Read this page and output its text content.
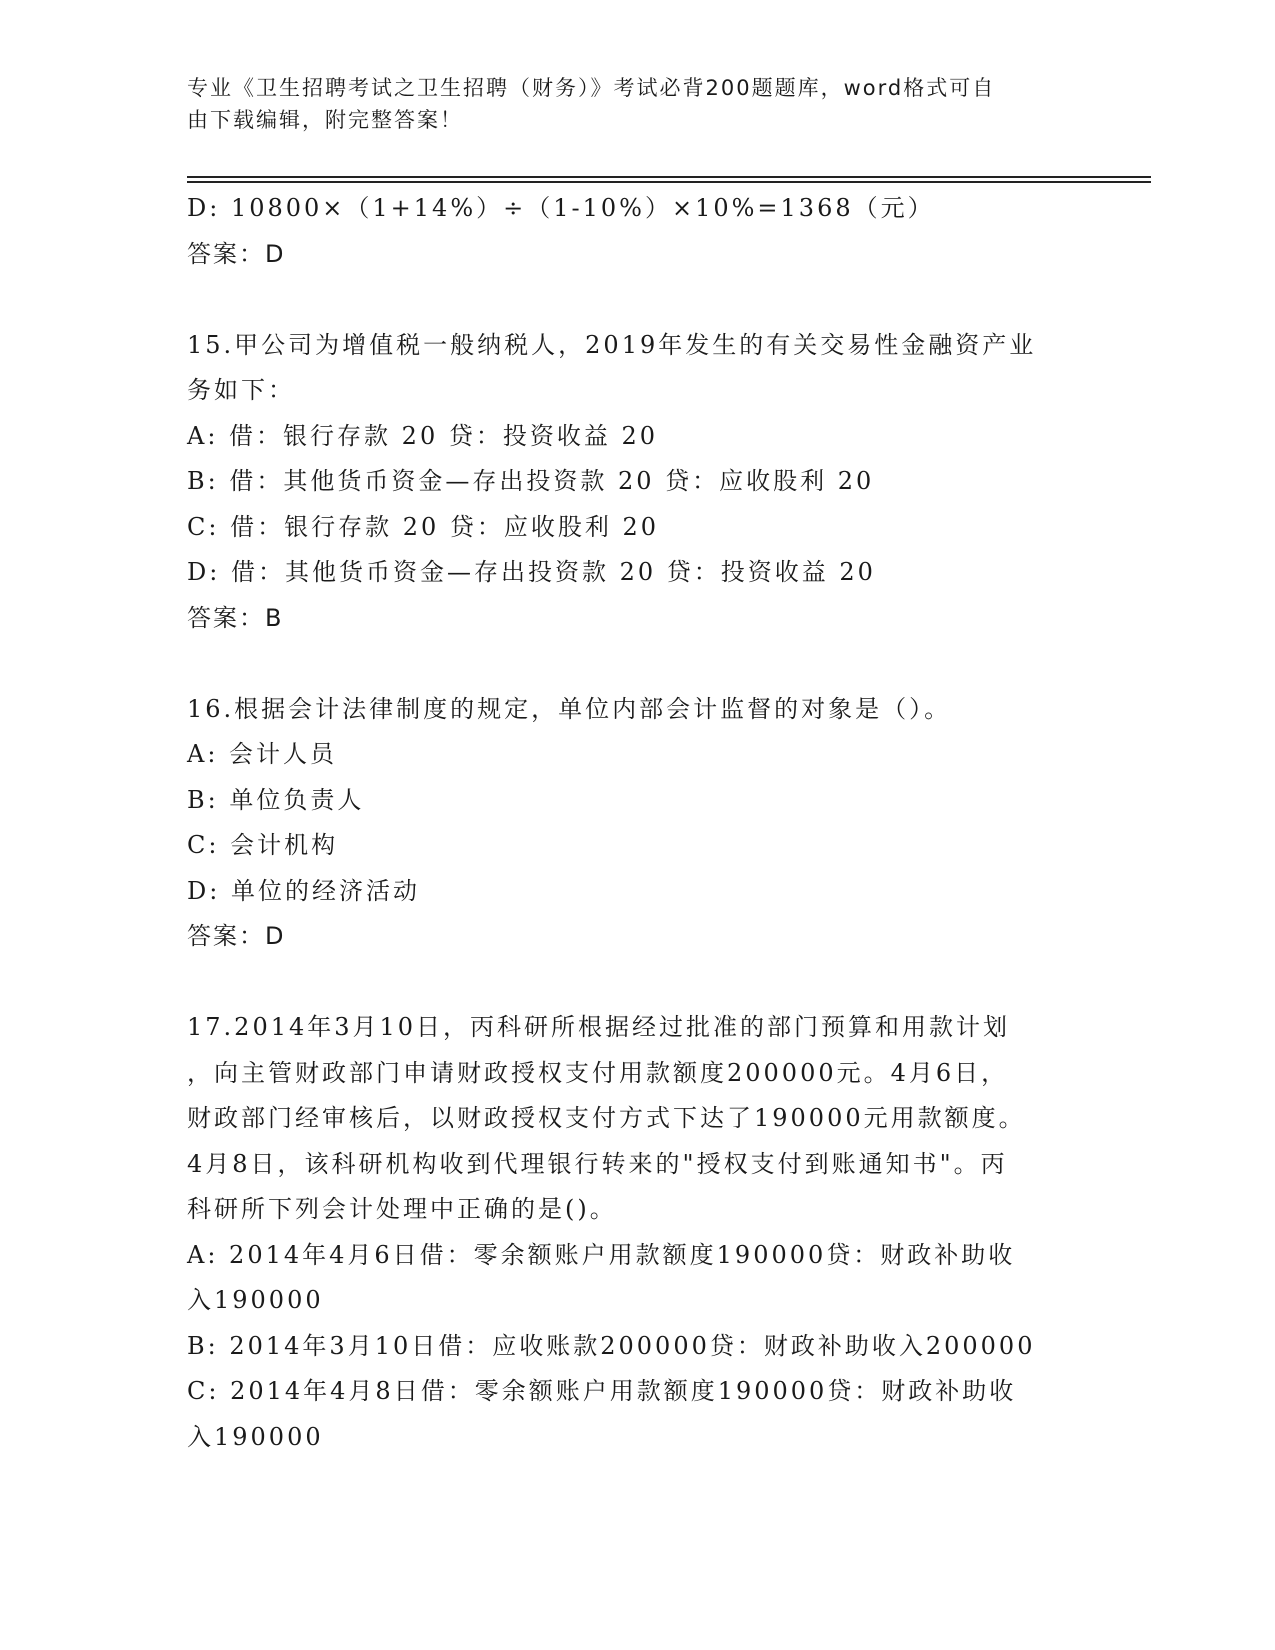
专业《卫生招聘考试之卫生招聘（财务）》考试必背200题题库，word格式可自
由下载编辑，附完整答案！
D: 10800×（1+14%）÷（1-10%）×10%=1368（元）
答案：D
15.甲公司为增值税一般纳税人，2019年发生的有关交易性金融资产业
务如下：
A: 借：银行存款 20 贷：投资收益 20
B: 借：其他货币资金—存出投资款 20 贷：应收股利 20
C: 借：银行存款 20 贷：应收股利 20
D: 借：其他货币资金—存出投资款 20 贷：投资收益 20
答案：B
16.根据会计法律制度的规定，单位内部会计监督的对象是（）。
A: 会计人员
B: 单位负责人
C: 会计机构
D: 单位的经济活动
答案：D
17.2014年3月10日，丙科研所根据经过批准的部门预算和用款计划
，向主管财政部门申请财政授权支付用款额度200000元。4月6日，
财政部门经审核后，以财政授权支付方式下达了190000元用款额度。
4月8日，该科研机构收到代理银行转来的"授权支付到账通知书"。丙
科研所下列会计处理中正确的是()。
A: 2014年4月6日借：零余额账户用款额度190000贷：财政补助收
入190000
B: 2014年3月10日借：应收账款200000贷：财政补助收入200000
C: 2014年4月8日借：零余额账户用款额度190000贷：财政补助收
入190000
